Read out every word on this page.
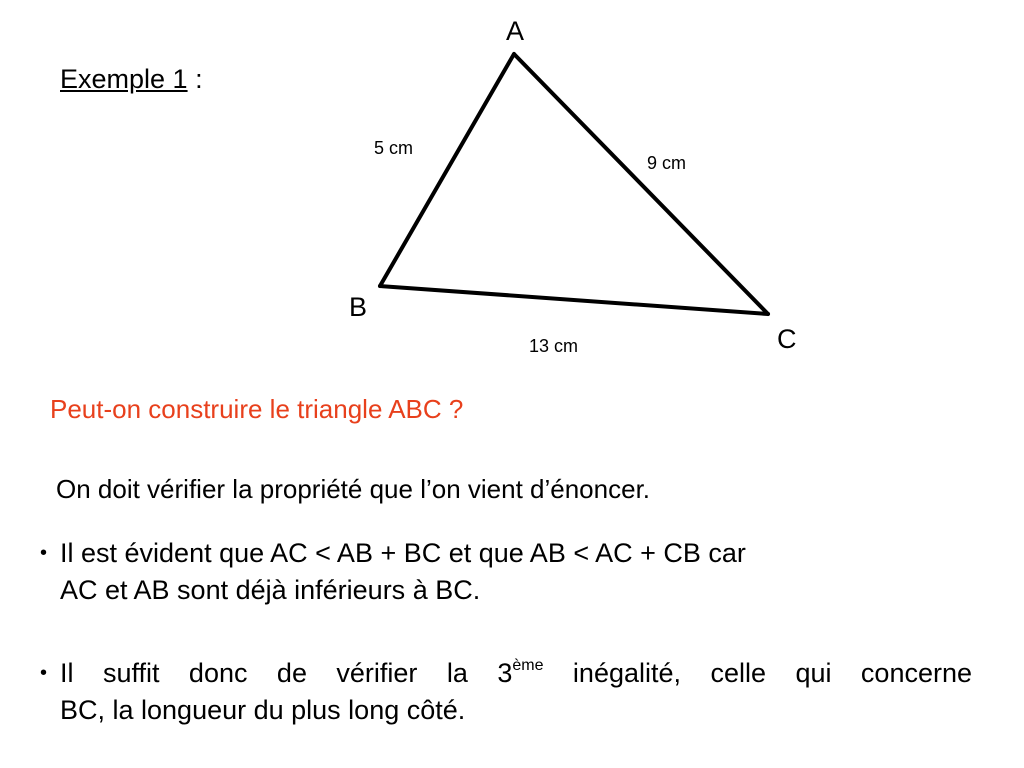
Exemple 1 :
A
B
C
5 cm
9 cm
13 cm
Peut-on construire le triangle ABC ?
On doit vérifier la propriété que l’on vient d’énoncer.
• Il est évident que AC < AB + BC et que AB < AC + CB car
AC et AB sont déjà inférieurs à BC.
• Il suffit donc de vérifier la 3ème inégalité, celle qui concerne
BC, la longueur du plus long côté.
